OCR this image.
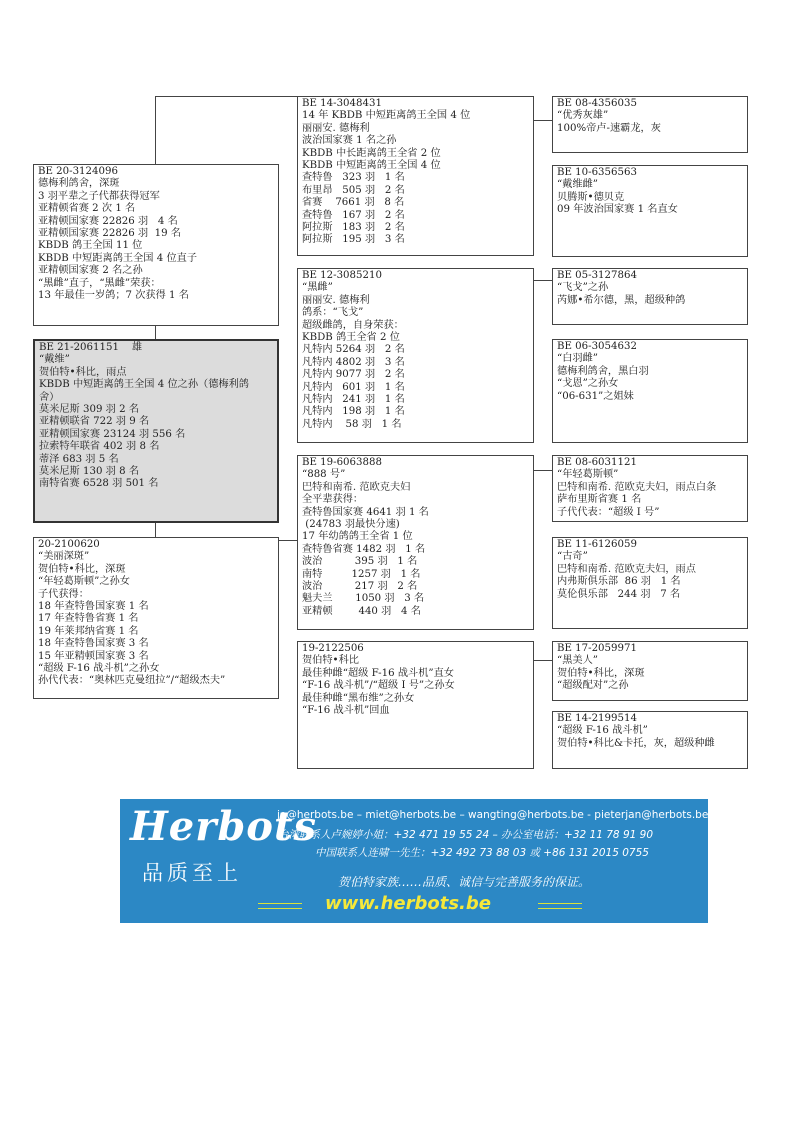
BE 20-3124096
德梅利鸽舍，深斑
3 羽平辈之子代都获得冠军
亚精顿省赛 2 次 1 名
亚精顿国家赛 22826 羽   4 名
亚精顿国家赛 22826 羽  19 名
KBDB 鸽王全国 11 位
KBDB 中短距离鸽王全国 4 位直子
亚精顿国家赛 2 名之孙
“黑雌”直子，“黑雌”荣获：
13 年最佳一岁鸽；7 次获得 1 名
BE 21-2061151    雄
“戴维”
贺伯特•科比，雨点
KBDB 中短距离鸽王全国 4 位之孙（德梅利鸽
舍）
莫米尼斯 309 羽 2 名
亚精顿联省 722 羽 9 名
亚精顿国家赛 23124 羽 556 名
拉索特年联省 402 羽 8 名
蒂泽 683 羽 5 名
莫米尼斯 130 羽 8 名
南特省赛 6528 羽 501 名
20-2100620
“美丽深斑”
贺伯特•科比，深斑
“年轻葛斯顿”之孙女
子代获得：
18 年查特鲁国家赛 1 名
17 年查特鲁省赛 1 名
19 年莱邦纳省赛 1 名
18 年查特鲁国家赛 3 名
15 年亚精顿国家赛 3 名
“超级 F-16 战斗机”之孙女
孙代代表：“奥林匹克曼纽拉”/“超级杰夫”
BE 14-3048431
14 年 KBDB 中短距离鸽王全国 4 位
丽丽安. 德梅利
波治国家赛 1 名之孙
KBDB 中长距离鸽王全省 2 位
KBDB 中短距离鸽王全国 4 位
查特鲁   323 羽   1 名
布里昂   505 羽   2 名
省赛    7661 羽   8 名
查特鲁   167 羽   2 名
阿拉斯   183 羽   2 名
阿拉斯   195 羽   3 名
BE 12-3085210
“黑雌”
丽丽安. 德梅利
鸽系：“飞戈”
超级雌鸽，自身荣获：
KBDB 鸽王全省 2 位
凡特内 5264 羽   2 名
凡特内 4802 羽   3 名
凡特内 9077 羽   2 名
凡特内   601 羽   1 名
凡特内   241 羽   1 名
凡特内   198 羽   1 名
凡特内    58 羽   1 名
BE 19-6063888
“888 号”
巴特和南希. 范欧克夫妇
全平辈获得：
查特鲁国家赛 4641 羽 1 名
(24783 羽最快分速)
17 年幼鸽鸽王全省 1 位
查特鲁省赛 1482 羽   1 名
波治          395 羽   1 名
南特         1257 羽   1 名
波治          217 羽   2 名
魁夫兰       1050 羽   3 名
亚精顿        440 羽   4 名
19-2122506
贺伯特•科比
最佳种雌“超级 F-16 战斗机”直女
“F-16 战斗机”/“超级 I 号”之孙女
最佳种雌“黑布维”之孙女
“F-16 战斗机”回血
BE 08-4356035
“优秀灰雄”
100%帝卢-速霸龙，灰
BE 10-6356563
“戴维雌”
贝腾斯•德贝克
09 年波治国家赛 1 名直女
BE 05-3127864
“飞戈”之孙
芮娜•希尔德，黑，超级种鸽
BE 06-3054632
“白羽雌”
德梅利鸽舍，黑白羽
“戈恩”之孙女
“06-631”之姐妹
BE 08-6031121
“年轻葛斯顿”
巴特和南希. 范欧克夫妇，雨点白条
萨布里斯省赛 1 名
子代代表：“超级 I 号”
BE 11-6126059
“古奇”
巴特和南希. 范欧克夫妇，雨点
内弗斯俱乐部  86 羽   1 名
莫伦俱乐部   244 羽   7 名
BE 17-2059971
“黑美人”
贺伯特•科比，深斑
“超级配对”之孙
BE 14-2199514
“超级 F-16 战斗机”
贺伯特•科比&卡托，灰，超级种雌
Herbots
品质至上
jo@herbots.be – miet@herbots.be – wangting@herbots.be - pieterjan@herbots.be
台湾联系人卢婉婷小姐：+32 471 19 55 24 – 办公室电话：+32 11 78 91 90
中国联系人连啸一先生：+32 492 73 88 03 或 +86 131 2015 0755
贺伯特家族……品质、诚信与完善服务的保证。
www.herbots.be
